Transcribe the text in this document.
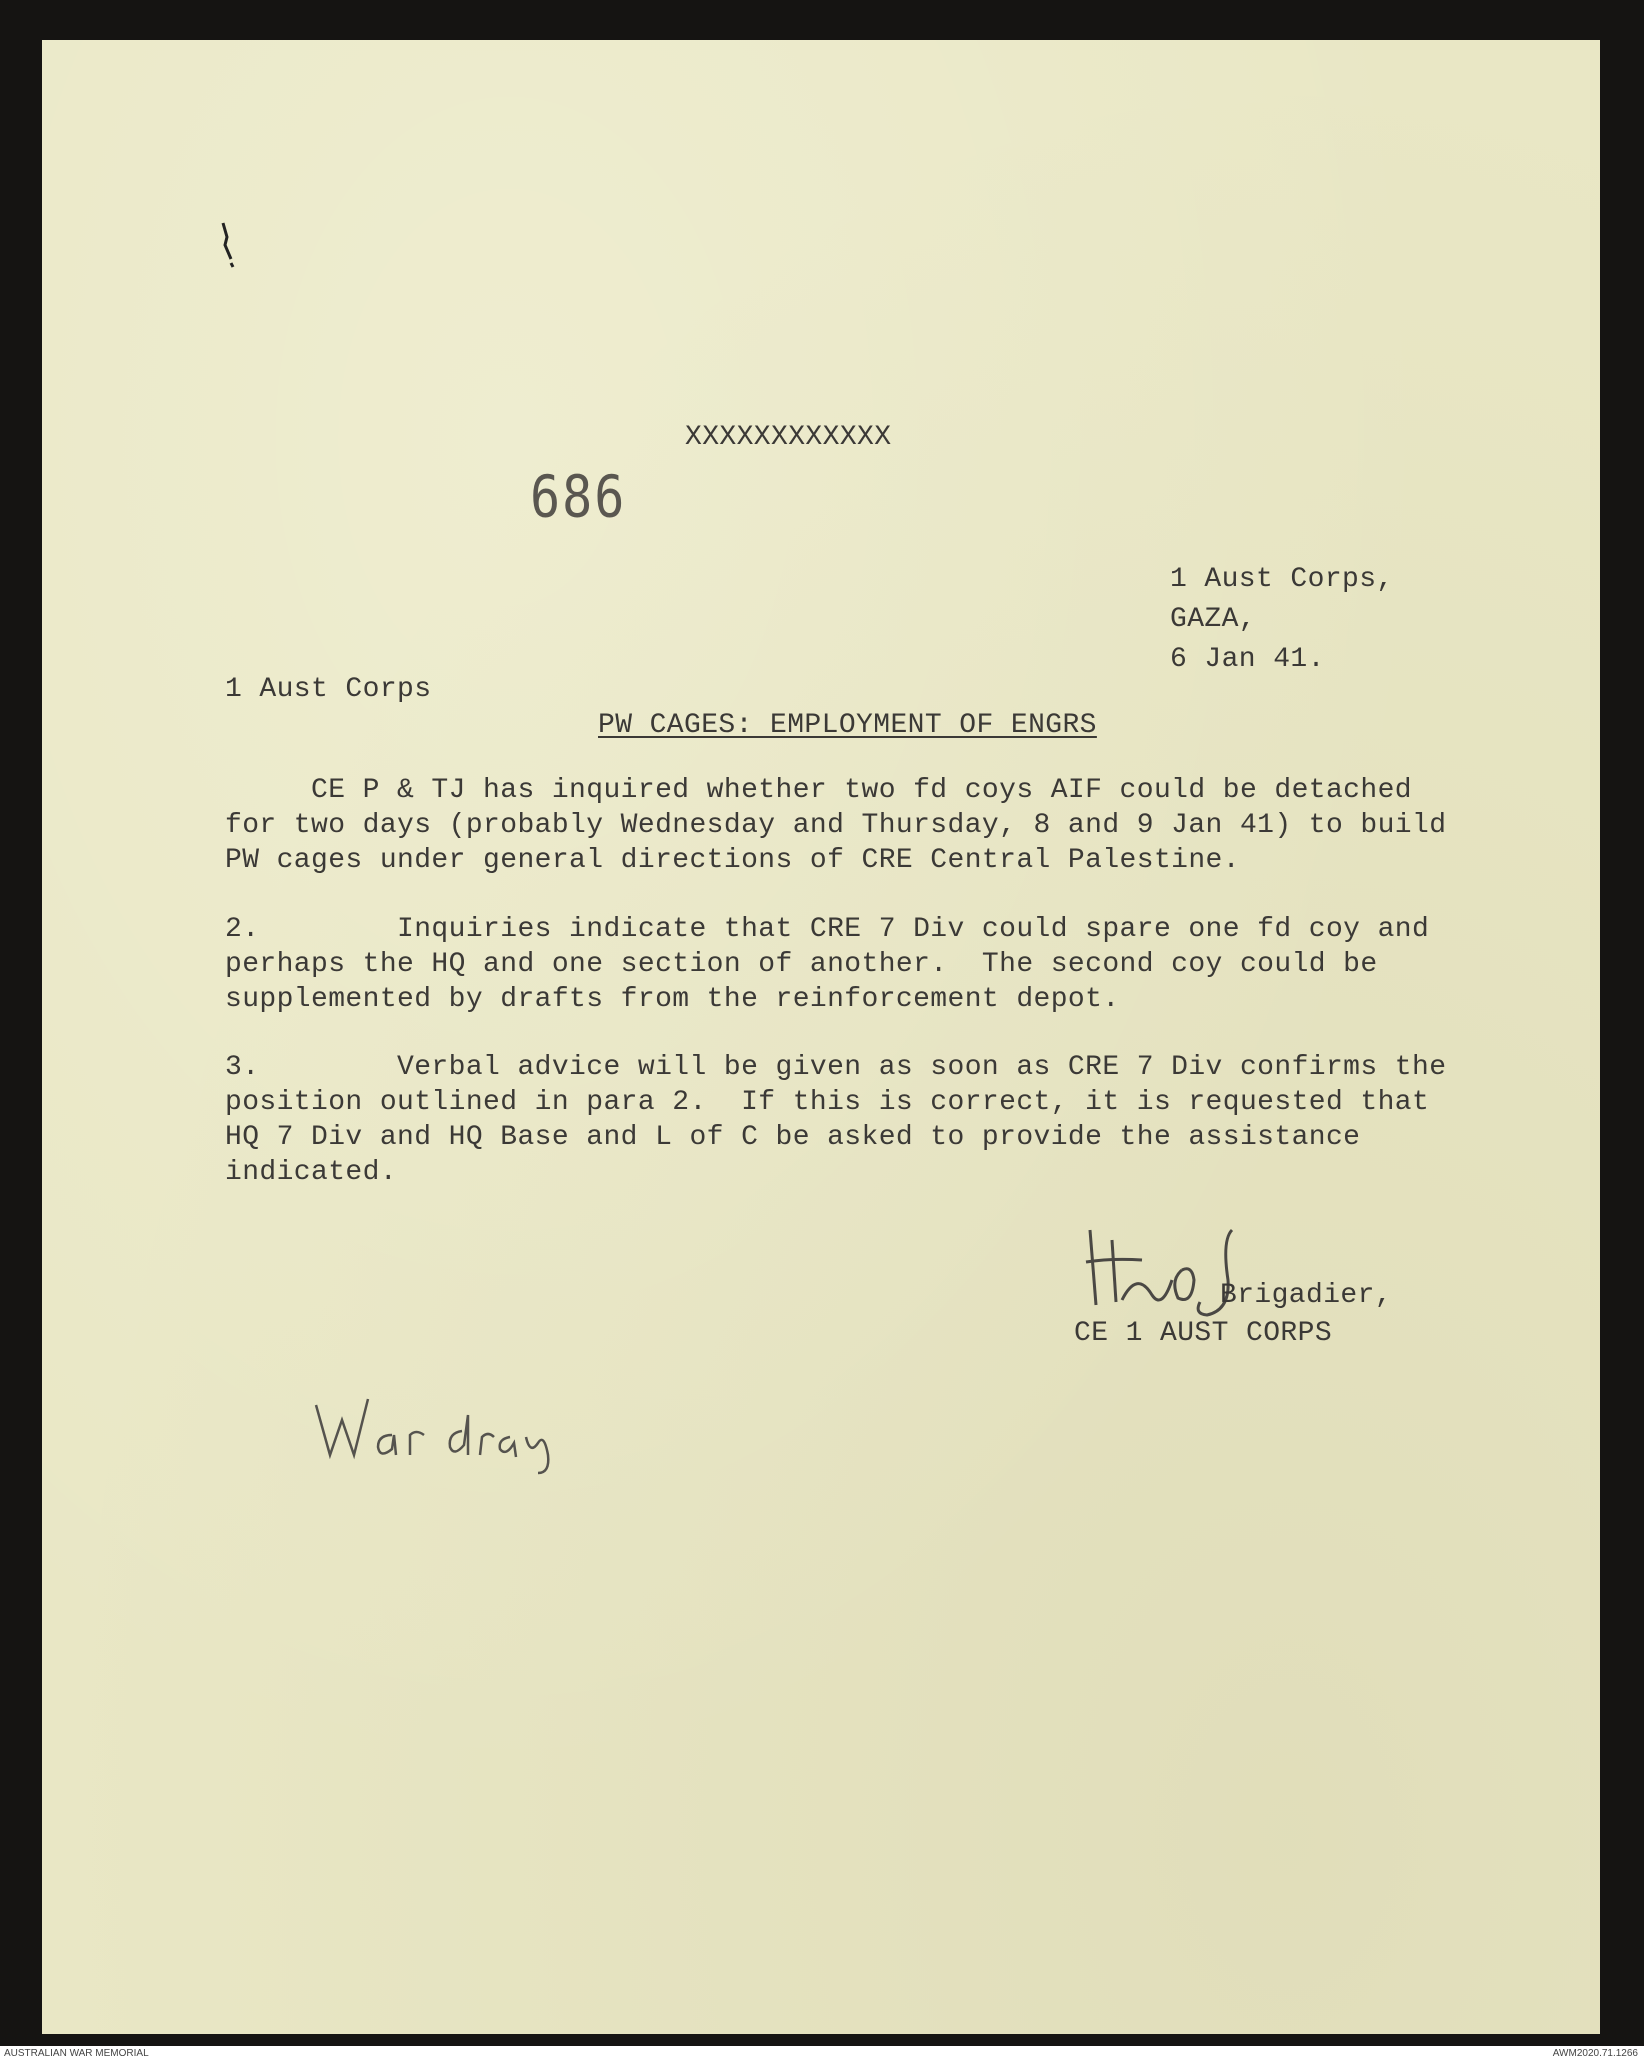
686
XXXXXXXXXXXX
1 Aust Corps,
GAZA,
6 Jan 41.
1 Aust Corps
PW CAGES: EMPLOYMENT OF ENGRS
CE P & TJ has inquired whether two fd coys AIF could be detached
for two days (probably Wednesday and Thursday, 8 and 9 Jan 41) to build
PW cages under general directions of CRE Central Palestine.
2.        Inquiries indicate that CRE 7 Div could spare one fd coy and
perhaps the HQ and one section of another.  The second coy could be
supplemented by drafts from the reinforcement depot.
3.        Verbal advice will be given as soon as CRE 7 Div confirms the
position outlined in para 2.  If this is correct, it is requested that
HQ 7 Div and HQ Base and L of C be asked to provide the assistance
indicated.
Brigadier,
CE 1 AUST CORPS
AUSTRALIAN WAR MEMORIAL	AWM2020.71.1266
